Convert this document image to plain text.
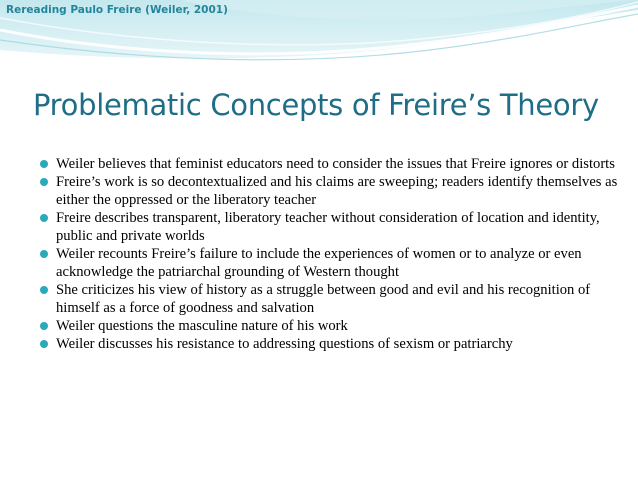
Rereading Paulo Freire (Weiler, 2001)
Problematic Concepts of Freire’s Theory
Weiler believes that feminist educators need to consider the issues that Freire ignores or distorts
Freire’s work is so decontextualized and his claims are sweeping; readers identify themselves as either the oppressed or the liberatory teacher
Freire describes transparent, liberatory teacher without consideration of location and identity, public and private worlds
Weiler recounts Freire’s failure to include the experiences of women or to analyze or even acknowledge the patriarchal grounding of Western thought
She criticizes his view of history as a struggle between good and evil and his recognition of himself as a force of goodness and salvation
Weiler questions the masculine nature of his work
Weiler discusses his resistance to addressing questions of sexism or patriarchy
